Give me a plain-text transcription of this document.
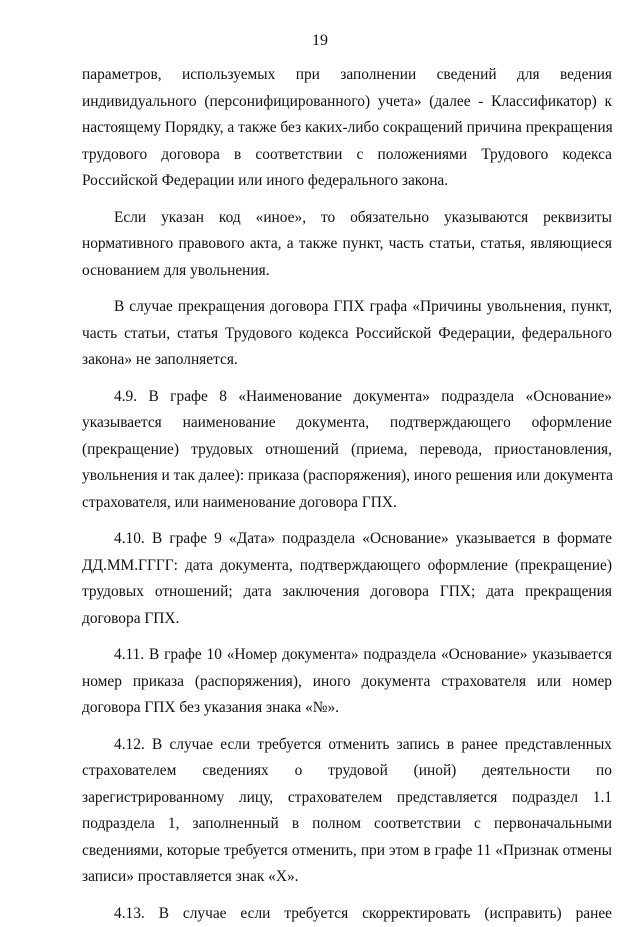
19
параметров, используемых при заполнении сведений для ведения
индивидуального (персонифицированного) учета» (далее - Классификатор) к
настоящему Порядку, а также без каких-либо сокращений причина прекращения
трудового договора в соответствии с положениями Трудового кодекса
Российской Федерации или иного федерального закона.
Если указан код «иное», то обязательно указываются реквизиты
нормативного правового акта, а также пункт, часть статьи, статья, являющиеся
основанием для увольнения.
В случае прекращения договора ГПХ графа «Причины увольнения, пункт,
часть статьи, статья Трудового кодекса Российской Федерации, федерального
закона» не заполняется.
4.9. В графе 8 «Наименование документа» подраздела «Основание»
указывается наименование документа, подтверждающего оформление
(прекращение) трудовых отношений (приема, перевода, приостановления,
увольнения и так далее): приказа (распоряжения), иного решения или документа
страхователя, или наименование договора ГПХ.
4.10. В графе 9 «Дата» подраздела «Основание» указывается в формате
ДД.ММ.ГГГГ: дата документа, подтверждающего оформление (прекращение)
трудовых отношений; дата заключения договора ГПХ; дата прекращения
договора ГПХ.
4.11. В графе 10 «Номер документа» подраздела «Основание» указывается
номер приказа (распоряжения), иного документа страхователя или номер
договора ГПХ без указания знака «№».
4.12. В случае если требуется отменить запись в ранее представленных
страхователем сведениях о трудовой (иной) деятельности по
зарегистрированному лицу, страхователем представляется подраздел 1.1
подраздела 1, заполненный в полном соответствии с первоначальными
сведениями, которые требуется отменить, при этом в графе 11 «Признак отмены
записи» проставляется знак «Х».
4.13. В случае если требуется скорректировать (исправить) ранее
